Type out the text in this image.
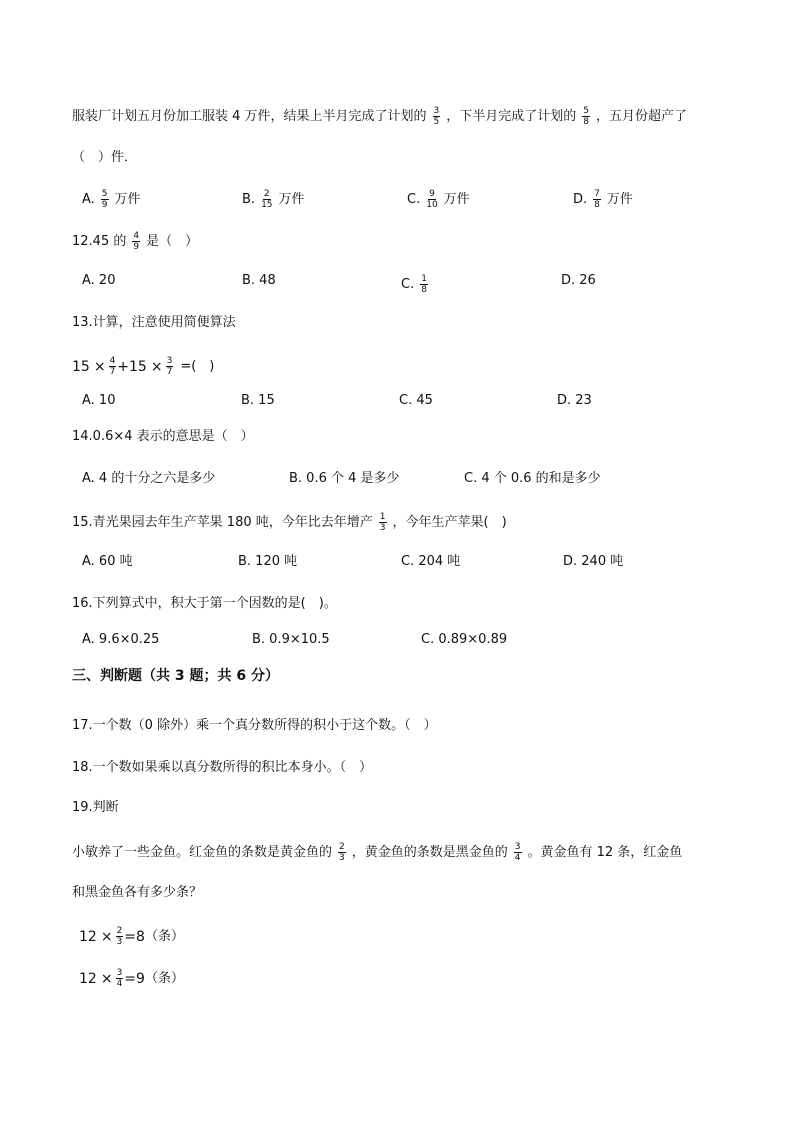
服装厂计划五月份加工服装 4 万件，结果上半月完成了计划的 $\frac{3}{5}$ ，下半月完成了计划的 $\frac{5}{8}$ ，五月份超产了
（　）件．
A. $\frac{5}{9}$ 万件	B. $\frac{2}{15}$ 万件	C. $\frac{9}{10}$ 万件	D. $\frac{7}{8}$ 万件
12.45 的 $\frac{4}{9}$ 是（　）
A. 20	B. 48	C. $\frac{1}{8}$	D. 26
13.计算，注意使用简便算法
$15 \times \frac{4}{7} +15 \times \frac{3}{7}$ =(　)
A. 10	B. 15	C. 45	D. 23
14.0.6×4 表示的意思是（　）
A. 4 的十分之六是多少	B. 0.6 个 4 是多少	C. 4 个 0.6 的和是多少
15.青光果园去年生产苹果 180 吨，今年比去年增产 $\frac{1}{3}$ ，今年生产苹果(　)
A. 60 吨	B. 120 吨	C. 204 吨	D. 240 吨
16.下列算式中，积大于第一个因数的是(　)。
A. 9.6×0.25	B. 0.9×10.5	C. 0.89×0.89
三、判断题（共 3 题；共 6 分）
17.一个数（0 除外）乘一个真分数所得的积小于这个数。（　）
18.一个数如果乘以真分数所得的积比本身小。（　）
19.判断
小敏养了一些金鱼。红金鱼的条数是黄金鱼的 $\frac{2}{3}$ ，黄金鱼的条数是黑金鱼的 $\frac{3}{4}$ 。黄金鱼有 12 条，红金鱼
和黑金鱼各有多少条？
$12 \times \frac{2}{3} =8$ （条）
$12 \times \frac{3}{4} =9$ （条）
